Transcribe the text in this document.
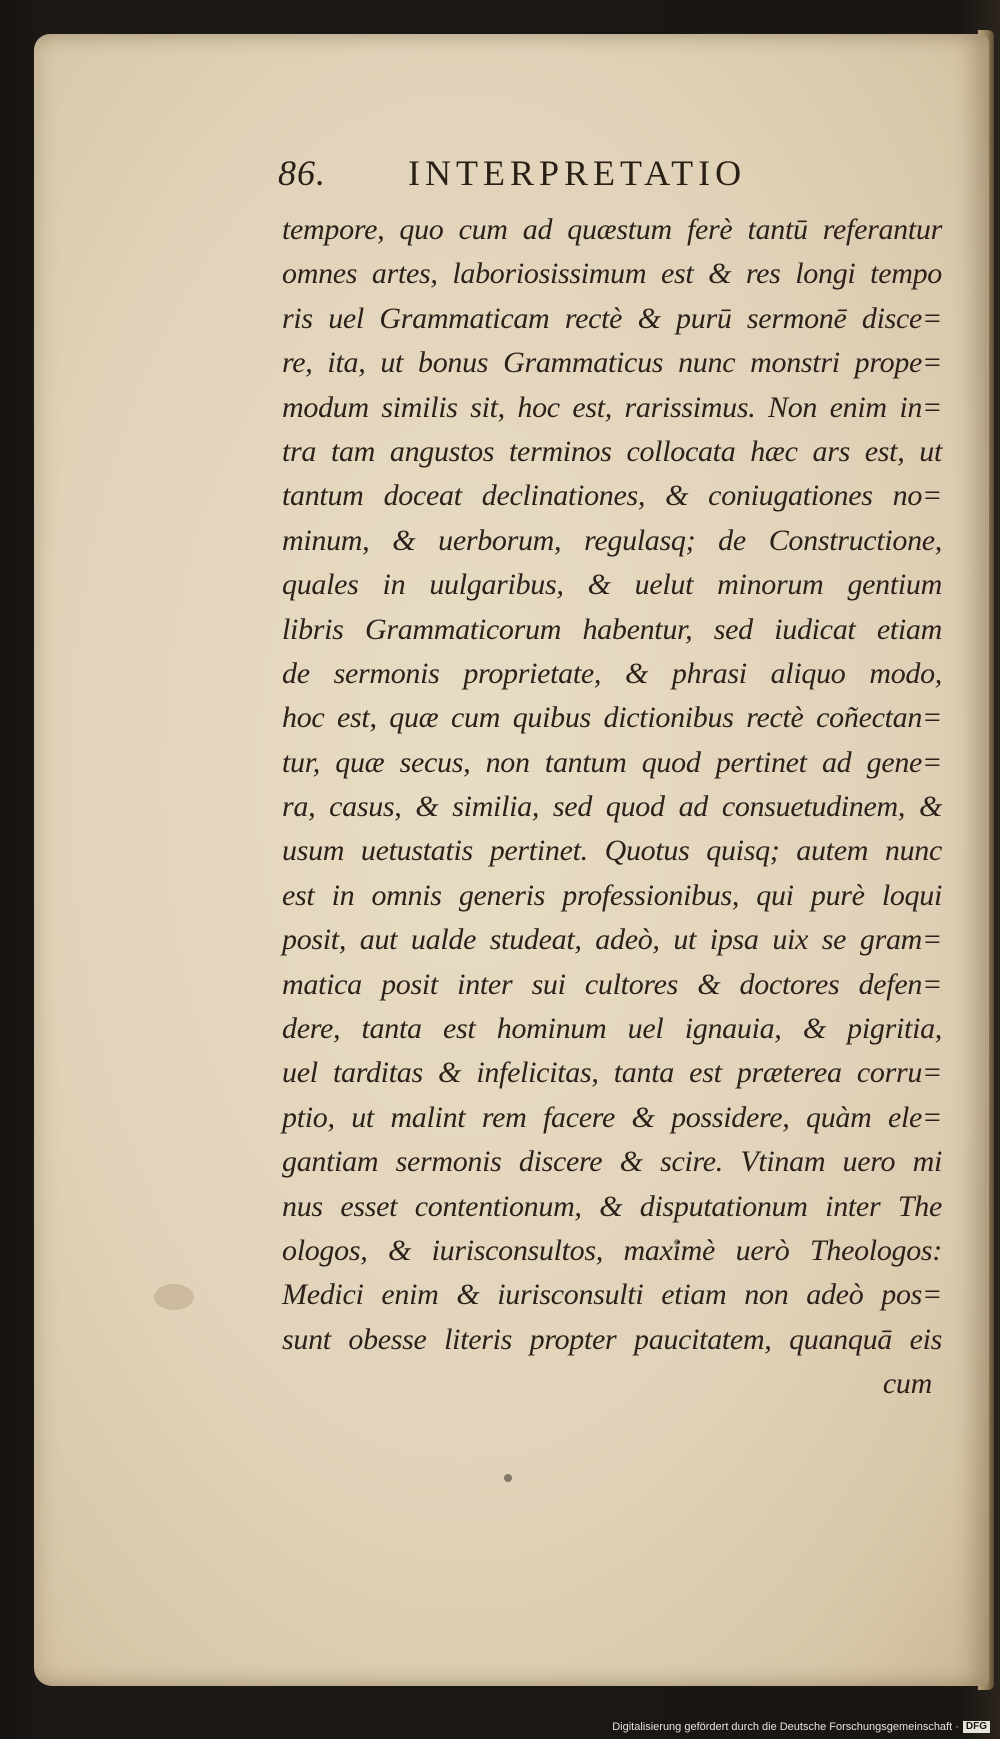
86. INTERPRETATIO
tempore, quo cum ad quæstum ferè tantū referantur
omnes artes, laboriosissimum est & res longi tempo
ris uel Grammaticam rectè & purū sermonē disce=
re, ita, ut bonus Grammaticus nunc monstri prope=
modum similis sit, hoc est, rarissimus. Non enim in=
tra tam angustos terminos collocata hæc ars est, ut
tantum doceat declinationes, & coniugationes no=
minum, & uerborum, regulasq; de Constructione,
quales in uulgaribus, & uelut minorum gentium
libris Grammaticorum habentur, sed iudicat etiam
de sermonis proprietate, & phrasi aliquo modo,
hoc est, quæ cum quibus dictionibus rectè coñectan=
tur, quæ secus, non tantum quod pertinet ad gene=
ra, casus, & similia, sed quod ad consuetudinem, &
usum uetustatis pertinet. Quotus quisq; autem nunc
est in omnis generis professionibus, qui purè loqui
posit, aut ualde studeat, adeò, ut ipsa uix se gram=
matica posit inter sui cultores & doctores defen=
dere, tanta est hominum uel ignauia, & pigritia,
uel tarditas & infelicitas, tanta est præterea corru=
ptio, ut malint rem facere & possidere, quàm ele=
gantiam sermonis discere & scire. Vtinam uero mi
nus esset contentionum, & disputationum inter The
ologos, & iurisconsultos, maximè uerò Theologos:
Medici enim & iurisconsulti etiam non adeò pos=
sunt obesse literis propter paucitatem, quanquā eis
cum
Digitalisierung gefördert durch die Deutsche Forschungsgemeinschaft · DFG
